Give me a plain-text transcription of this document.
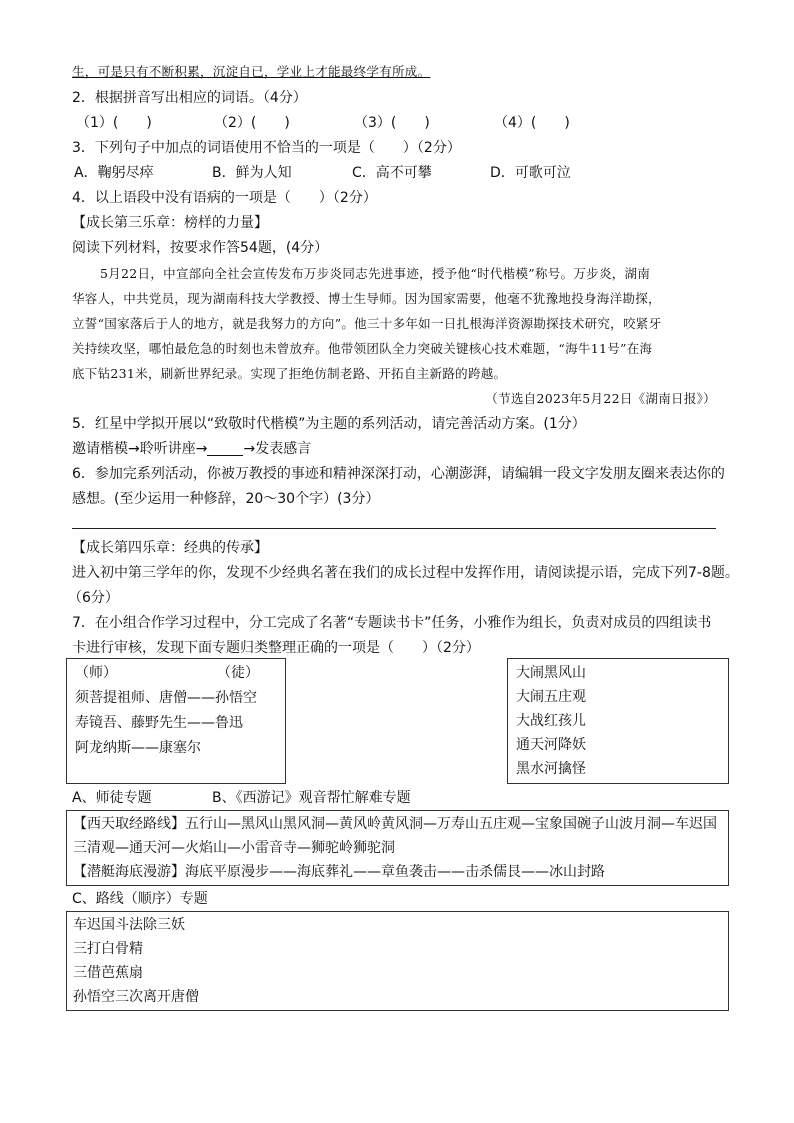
生，可是只有不断积累，沉淀自已，学业上才能最终学有所成。
2．根据拼音写出相应的词语。（4分）
（1）(　　)	（2）(　　)	（3）(　　)	（4）(　　)
3．下列句子中加点的词语使用不恰当的一项是（　　）（2分）
A．鞠躬尽瘁	B．鲜为人知	C．高不可攀	D．可歌可泣
4．以上语段中没有语病的一项是（　　）（2分）
【成长第三乐章：榜样的力量】
阅读下列材料，按要求作答54题，(4分）
5月22日，中宣部向全社会宣传发布万步炎同志先进事迹，授予他“时代楷模”称号。万步炎，湖南
华容人，中共党员，现为湖南科技大学教授、博士生导师。因为国家需要，他毫不犹豫地投身海洋勘探，
立誓“国家落后于人的地方，就是我努力的方向”。他三十多年如一日扎根海洋资源勘探技术研究，咬紧牙
关持续攻坚，哪怕最危急的时刻也未曾放弃。他带领团队全力突破关键核心技术难题，“海牛11号”在海
底下钻231米，刷新世界纪录。实现了拒绝仿制老路、开拓自主新路的跨越。
（节选自2023年5月22日《湖南日报》）
5．红星中学拟开展以“致敬时代楷模”为主题的系列活动，请完善活动方案。(1分）
邀请楷模→聆听讲座→	→发表感言
6．参加完系列活动，你被万教授的事迹和精神深深打动，心潮澎湃，请编辑一段文字发朋友圈来表达你的
感想。(至少运用一种修辞，20～30个字）(3分）
【成长第四乐章：经典的传承】
进入初中第三学年的你，发现不少经典名著在我们的成长过程中发挥作用，请阅读提示语，完成下列7-8题。
（6分）
7．在小组合作学习过程中，分工完成了名著“专题读书卡”任务，小雅作为组长，负责对成员的四组读书
卡进行审核，发现下面专题归类整理正确的一项是（　　）（2分）
（师）	（徒）
须菩提祖师、唐僧——孙悟空
寿镜吾、藤野先生——鲁迅
阿龙纳斯——康塞尔
大闹黑风山
大闹五庄观
大战红孩儿
通天河降妖
黑水河擒怪
A、师徒专题	B、《西游记》观音帮忙解难专题
【西天取经路线】五行山—黑风山黑风洞—黄风岭黄风洞—万寿山五庄观—宝象国碗子山波月洞—车迟国
三清观—通天河—火焰山—小雷音寺—狮驼岭狮驼洞
【潜艇海底漫游】海底平原漫步——海底葬礼——章鱼袭击——击杀儒艮——冰山封路
C、路线（顺序）专题
车迟国斗法除三妖
三打白骨精
三借芭蕉扇
孙悟空三次离开唐僧
